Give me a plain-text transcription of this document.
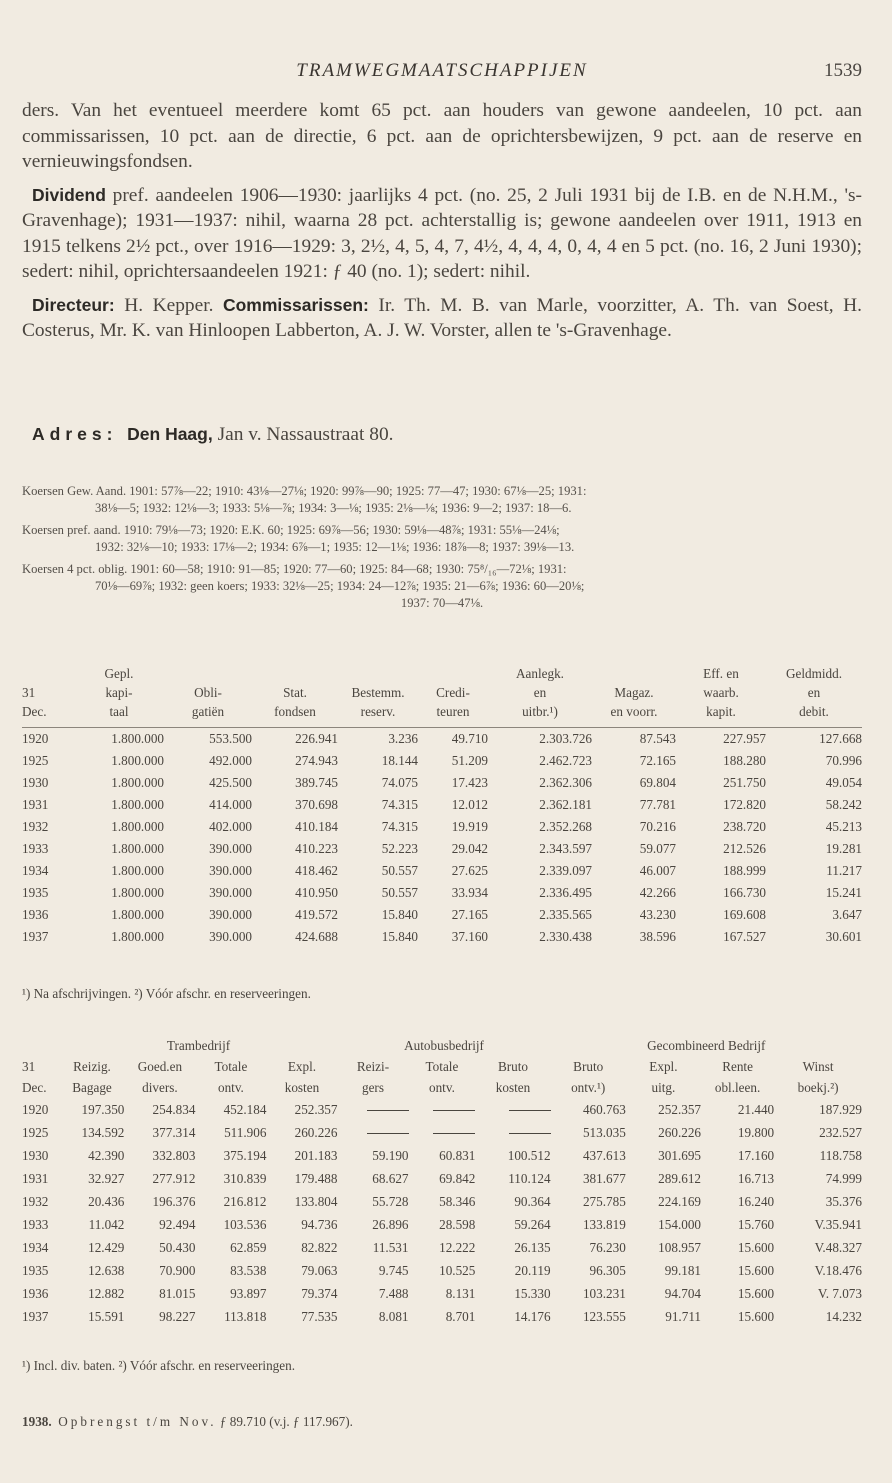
TRAMWEGMAATSCHAPPIJEN	1539

ders. Van het eventueel meerdere komt 65 pct. aan houders van gewone aandeelen, 10 pct. aan commissarissen, 10 pct. aan de directie, 6 pct. aan de oprichtersbewijzen, 9 pct. aan de reserve en vernieuwingsfondsen.

Dividend pref. aandeelen 1906—1930: jaarlijks 4 pct. (no. 25, 2 Juli 1931 bij de I.B. en de N.H.M., 's-Gravenhage); 1931—1937: nihil, waarna 28 pct. achterstallig is; gewone aandeelen over 1911, 1913 en 1915 telkens 2½ pct., over 1916—1929: 3, 2½, 4, 5, 4, 7, 4½, 4, 4, 4, 0, 4, 4 en 5 pct. (no. 16, 2 Juni 1930); sedert: nihil, oprichtersaandeelen 1921: ƒ 40 (no. 1); sedert: nihil.

Directeur: H. Kepper. Commissarissen: Ir. Th. M. B. van Marle, voorzitter, A. Th. van Soest, H. Costerus, Mr. K. van Hinloopen Labberton, A. J. W. Vorster, allen te 's-Gravenhage.

Adres: Den Haag, Jan v. Nassaustraat 80.

Koersen Gew. Aand. 1901: 57⅞—22; 1910: 43⅛—27⅛; 1920: 99⅞—90; 1925: 77—47; 1930: 67⅛—25; 1931:
38⅛—5; 1932: 12⅛—3; 1933: 5⅛—⅞; 1934: 3—⅛; 1935: 2⅛—⅛; 1936: 9—2; 1937: 18—6.

Koersen pref. aand. 1910: 79⅛—73; 1920: E.K. 60; 1925: 69⅞—56; 1930: 59⅛—48⅞; 1931: 55⅛—24⅛;
1932: 32⅛—10; 1933: 17⅛—2; 1934: 6⅞—1; 1935: 12—1⅛; 1936: 18⅞—8; 1937: 39⅛—13.

Koersen 4 pct. oblig. 1901: 60—58; 1910: 91—85; 1920: 77—60; 1925: 84—68; 1930: 75⁸/₁₆—72⅛; 1931:
70⅛—69⅞; 1932: geen koers; 1933: 32⅛—25; 1934: 24—12⅞; 1935: 21—6⅞; 1936: 60—20⅛;
1937: 70—47⅛.

	Gepl.					Aanlegk.		Eff. en	Geldmidd.
31	kapi-	Obli-	Stat.	Bestemm.	Credi-	en	Magaz.	waarb.	en
Dec.	taal	gatiën	fondsen	reserv.	teuren	uitbr.¹)	en voorr.	kapit.	debit.

1920	1.800.000	553.500	226.941	3.236	49.710	2.303.726	87.543	227.957	127.668
1925	1.800.000	492.000	274.943	18.144	51.209	2.462.723	72.165	188.280	70.996
1930	1.800.000	425.500	389.745	74.075	17.423	2.362.306	69.804	251.750	49.054
1931	1.800.000	414.000	370.698	74.315	12.012	2.362.181	77.781	172.820	58.242
1932	1.800.000	402.000	410.184	74.315	19.919	2.352.268	70.216	238.720	45.213
1933	1.800.000	390.000	410.223	52.223	29.042	2.343.597	59.077	212.526	19.281
1934	1.800.000	390.000	418.462	50.557	27.625	2.339.097	46.007	188.999	11.217
1935	1.800.000	390.000	410.950	50.557	33.934	2.336.495	42.266	166.730	15.241
1936	1.800.000	390.000	419.572	15.840	27.165	2.335.565	43.230	169.608	3.647
1937	1.800.000	390.000	424.688	15.840	37.160	2.330.438	38.596	167.527	30.601
¹) Na afschrijvingen. ²) Vóór afschr. en reserveeringen.
	Trambedrijf				Autobusbedrijf			Gecombineerd Bedrijf			
31	Reizig.	Goed.en	Totale	Expl.	Reizi-	Totale	Bruto	Bruto	Expl.	Rente	Winst
Dec.	Bagage	divers.	ontv.	kosten	gers	ontv.	kosten	ontv.¹)	uitg.	obl.leen.	boekj.²)
1920	197.350	254.834	452.184	252.357				460.763	252.357	21.440	187.929
1925	134.592	377.314	511.906	260.226				513.035	260.226	19.800	232.527
1930	42.390	332.803	375.194	201.183	59.190	60.831	100.512	437.613	301.695	17.160	118.758
1931	32.927	277.912	310.839	179.488	68.627	69.842	110.124	381.677	289.612	16.713	74.999
1932	20.436	196.376	216.812	133.804	55.728	58.346	90.364	275.785	224.169	16.240	35.376
1933	11.042	92.494	103.536	94.736	26.896	28.598	59.264	133.819	154.000	15.760	V.35.941
1934	12.429	50.430	62.859	82.822	11.531	12.222	26.135	76.230	108.957	15.600	V.48.327
1935	12.638	70.900	83.538	79.063	9.745	10.525	20.119	96.305	99.181	15.600	V.18.476
1936	12.882	81.015	93.897	79.374	7.488	8.131	15.330	103.231	94.704	15.600	V. 7.073
1937	15.591	98.227	113.818	77.535	8.081	8.701	14.176	123.555	91.711	15.600	14.232
¹) Incl. div. baten. ²) Vóór afschr. en reserveeringen.
1938. Opbrengst t/m Nov. ƒ 89.710 (v.j. ƒ 117.967).
